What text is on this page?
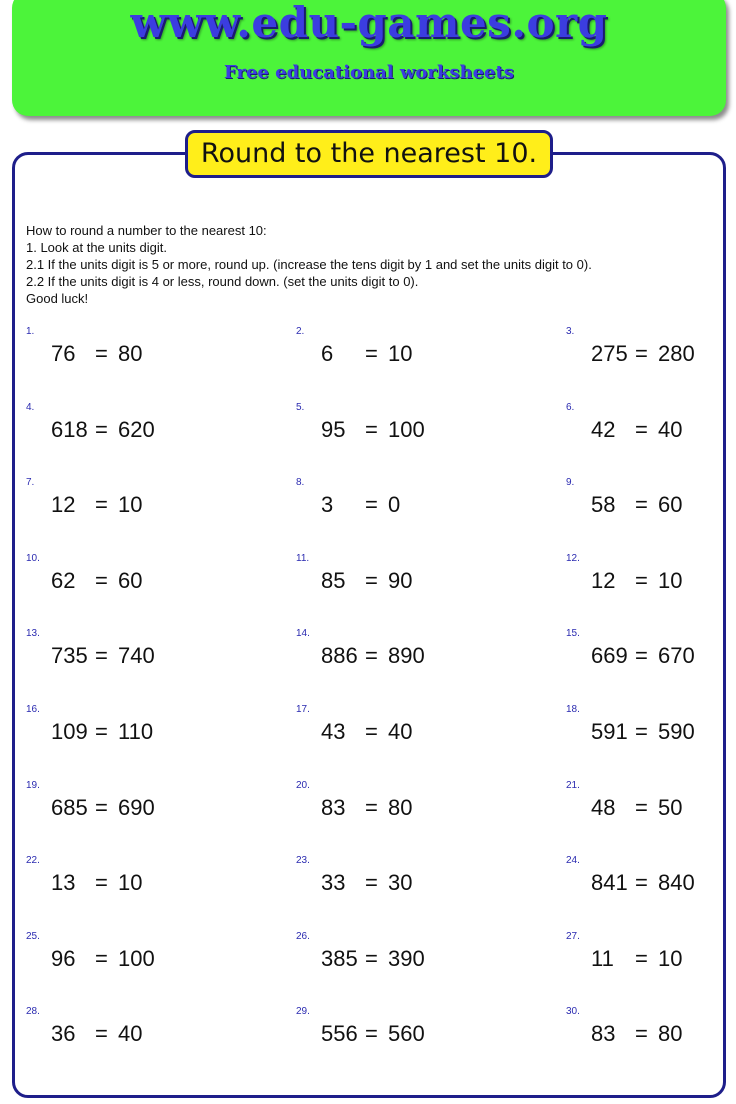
www.edu-games.org
Free educational worksheets
Round to the nearest 10.
How to round a number to the nearest 10:
1. Look at the units digit.
2.1 If the units digit is 5 or more, round up. (increase the tens digit by 1 and set the units digit to 0).
2.2 If the units digit is 4 or less, round down. (set the units digit to 0).
Good luck!
1.
76 = 80
2.
6 = 10
3.
275 = 280
4.
618 = 620
5.
95 = 100
6.
42 = 40
7.
12 = 10
8.
3 = 0
9.
58 = 60
10.
62 = 60
11.
85 = 90
12.
12 = 10
13.
735 = 740
14.
886 = 890
15.
669 = 670
16.
109 = 110
17.
43 = 40
18.
591 = 590
19.
685 = 690
20.
83 = 80
21.
48 = 50
22.
13 = 10
23.
33 = 30
24.
841 = 840
25.
96 = 100
26.
385 = 390
27.
11 = 10
28.
36 = 40
29.
556 = 560
30.
83 = 80
